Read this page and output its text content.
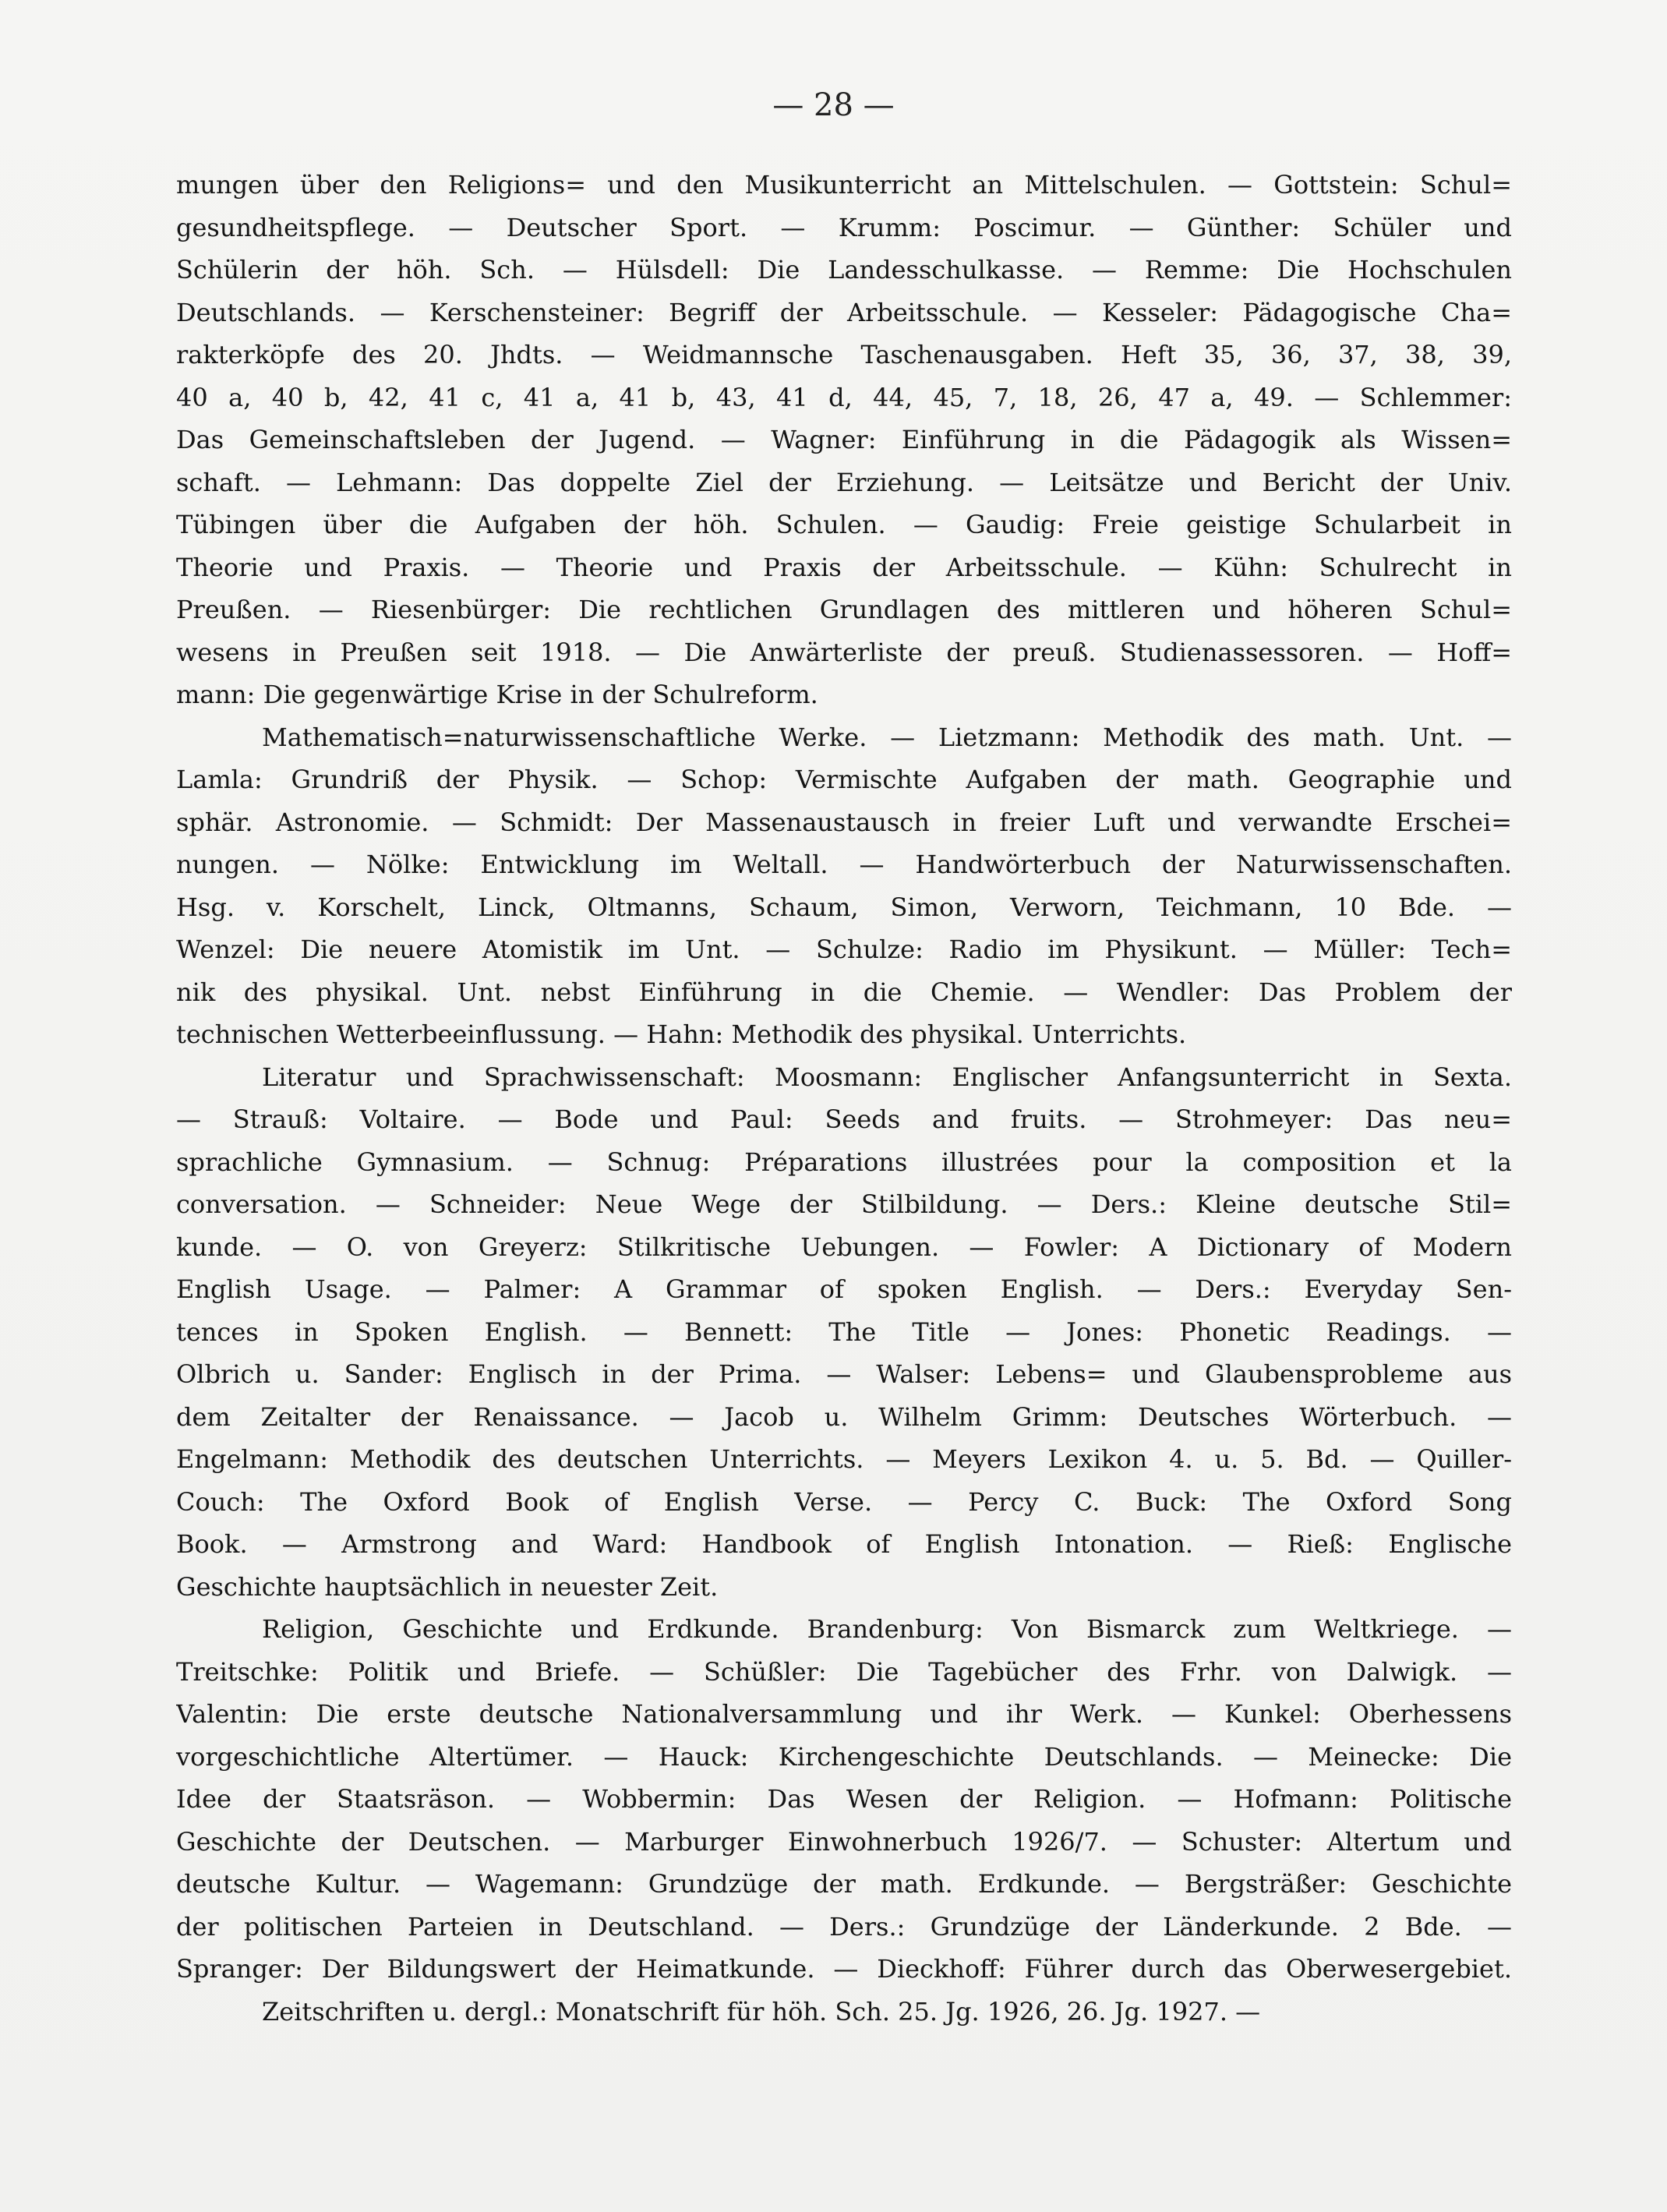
— 28 —
mungen über den Religions= und den Musikunterricht an Mittelschulen. — Gottstein: Schul=
gesundheitspflege. — Deutscher Sport. — Krumm: Poscimur. — Günther: Schüler und
Schülerin der höh. Sch. — Hülsdell: Die Landesschulkasse. — Remme: Die Hochschulen
Deutschlands. — Kerschensteiner: Begriff der Arbeitsschule. — Kesseler: Pädagogische Cha=
rakterköpfe des 20. Jhdts. — Weidmannsche Taschenausgaben. Heft 35, 36, 37, 38, 39,
40 a, 40 b, 42, 41 c, 41 a, 41 b, 43, 41 d, 44, 45, 7, 18, 26, 47 a, 49. — Schlemmer:
Das Gemeinschaftsleben der Jugend. — Wagner: Einführung in die Pädagogik als Wissen=
schaft. — Lehmann: Das doppelte Ziel der Erziehung. — Leitsätze und Bericht der Univ.
Tübingen über die Aufgaben der höh. Schulen. — Gaudig: Freie geistige Schularbeit in
Theorie und Praxis. — Theorie und Praxis der Arbeitsschule. — Kühn: Schulrecht in
Preußen. — Riesenbürger: Die rechtlichen Grundlagen des mittleren und höheren Schul=
wesens in Preußen seit 1918. — Die Anwärterliste der preuß. Studienassessoren. — Hoff=
mann: Die gegenwärtige Krise in der Schulreform.
Mathematisch=naturwissenschaftliche Werke. — Lietzmann: Methodik des math. Unt. —
Lamla: Grundriß der Physik. — Schop: Vermischte Aufgaben der math. Geographie und
sphär. Astronomie. — Schmidt: Der Massenaustausch in freier Luft und verwandte Erschei=
nungen. — Nölke: Entwicklung im Weltall. — Handwörterbuch der Naturwissenschaften.
Hsg. v. Korschelt, Linck, Oltmanns, Schaum, Simon, Verworn, Teichmann, 10 Bde. —
Wenzel: Die neuere Atomistik im Unt. — Schulze: Radio im Physikunt. — Müller: Tech=
nik des physikal. Unt. nebst Einführung in die Chemie. — Wendler: Das Problem der
technischen Wetterbeeinflussung. — Hahn: Methodik des physikal. Unterrichts.
Literatur und Sprachwissenschaft: Moosmann: Englischer Anfangsunterricht in Sexta.
— Strauß: Voltaire. — Bode und Paul: Seeds and fruits. — Strohmeyer: Das neu=
sprachliche Gymnasium. — Schnug: Préparations illustrées pour la composition et la
conversation. — Schneider: Neue Wege der Stilbildung. — Ders.: Kleine deutsche Stil=
kunde. — O. von Greyerz: Stilkritische Uebungen. — Fowler: A Dictionary of Modern
English Usage. — Palmer: A Grammar of spoken English. — Ders.: Everyday Sen-
tences in Spoken English. — Bennett: The Title — Jones: Phonetic Readings. —
Olbrich u. Sander: Englisch in der Prima. — Walser: Lebens= und Glaubensprobleme aus
dem Zeitalter der Renaissance. — Jacob u. Wilhelm Grimm: Deutsches Wörterbuch. —
Engelmann: Methodik des deutschen Unterrichts. — Meyers Lexikon 4. u. 5. Bd. — Quiller-
Couch: The Oxford Book of English Verse. — Percy C. Buck: The Oxford Song
Book. — Armstrong and Ward: Handbook of English Intonation. — Rieß: Englische
Geschichte hauptsächlich in neuester Zeit.
Religion, Geschichte und Erdkunde. Brandenburg: Von Bismarck zum Weltkriege. —
Treitschke: Politik und Briefe. — Schüßler: Die Tagebücher des Frhr. von Dalwigk. —
Valentin: Die erste deutsche Nationalversammlung und ihr Werk. — Kunkel: Oberhessens
vorgeschichtliche Altertümer. — Hauck: Kirchengeschichte Deutschlands. — Meinecke: Die
Idee der Staatsräson. — Wobbermin: Das Wesen der Religion. — Hofmann: Politische
Geschichte der Deutschen. — Marburger Einwohnerbuch 1926/7. — Schuster: Altertum und
deutsche Kultur. — Wagemann: Grundzüge der math. Erdkunde. — Bergsträßer: Geschichte
der politischen Parteien in Deutschland. — Ders.: Grundzüge der Länderkunde. 2 Bde. —
Spranger: Der Bildungswert der Heimatkunde. — Dieckhoff: Führer durch das Oberwesergebiet.
Zeitschriften u. dergl.: Monatschrift für höh. Sch. 25. Jg. 1926, 26. Jg. 1927. —
